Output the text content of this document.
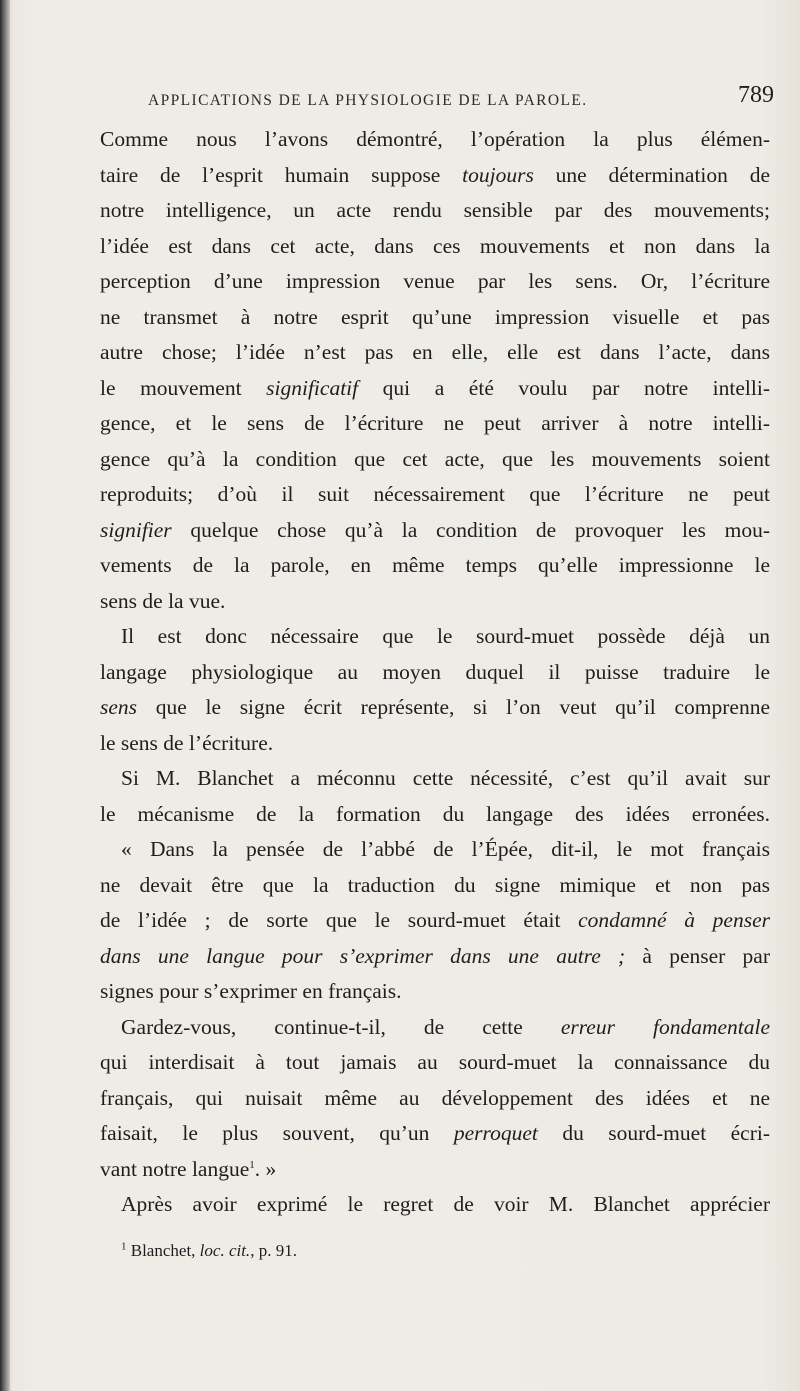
APPLICATIONS DE LA PHYSIOLOGIE DE LA PAROLE.	789
Comme nous l’avons démontré, l’opération la plus élémen-
taire de l’esprit humain suppose toujours une détermination de
notre intelligence, un acte rendu sensible par des mouvements;
l’idée est dans cet acte, dans ces mouvements et non dans la
perception d’une impression venue par les sens. Or, l’écriture
ne transmet à notre esprit qu’une impression visuelle et pas
autre chose; l’idée n’est pas en elle, elle est dans l’acte, dans
le mouvement significatif qui a été voulu par notre intelli-
gence, et le sens de l’écriture ne peut arriver à notre intelli-
gence qu’à la condition que cet acte, que les mouvements soient
reproduits; d’où il suit nécessairement que l’écriture ne peut
signifier quelque chose qu’à la condition de provoquer les mou-
vements de la parole, en même temps qu’elle impressionne le
sens de la vue.
Il est donc nécessaire que le sourd-muet possède déjà un
langage physiologique au moyen duquel il puisse traduire le
sens que le signe écrit représente, si l’on veut qu’il comprenne
le sens de l’écriture.
Si M. Blanchet a méconnu cette nécessité, c’est qu’il avait sur
le mécanisme de la formation du langage des idées erronées.
« Dans la pensée de l’abbé de l’Épée, dit-il, le mot français
ne devait être que la traduction du signe mimique et non pas
de l’idée ; de sorte que le sourd-muet était condamné à penser
dans une langue pour s’exprimer dans une autre ; à penser par
signes pour s’exprimer en français.
Gardez-vous, continue-t-il, de cette erreur fondamentale
qui interdisait à tout jamais au sourd-muet la connaissance du
français, qui nuisait même au développement des idées et ne
faisait, le plus souvent, qu’un perroquet du sourd-muet écri-
vant notre langue$^1$. »
Après avoir exprimé le regret de voir M. Blanchet apprécier
$^1$ Blanchet, loc. cit., p. 91.
